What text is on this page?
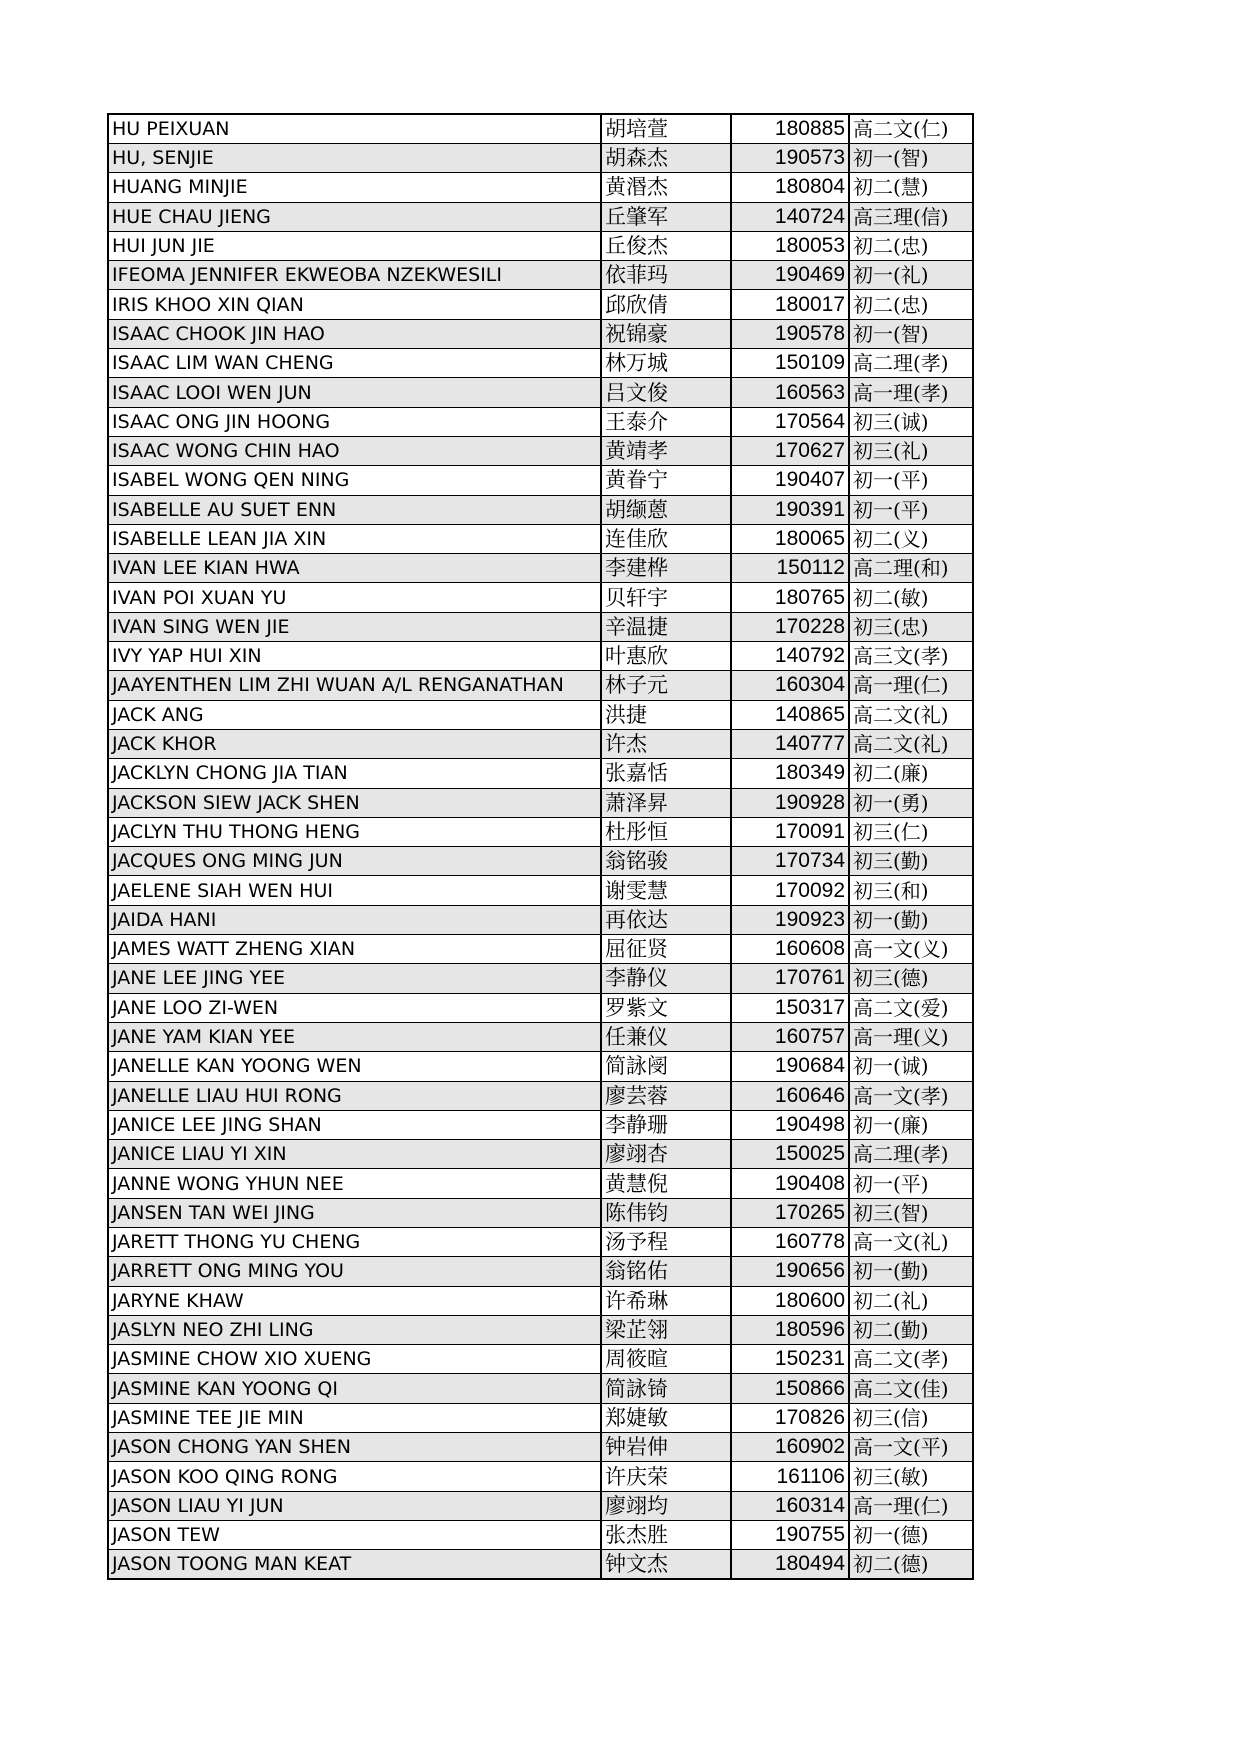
HU PEIXUAN	胡培萱	180885	高二文(仁)
HU, SENJIE	胡森杰	190573	初一(智)
HUANG MINJIE	黄湣杰	180804	初二(慧)
HUE CHAU JIENG	丘肇军	140724	高三理(信)
HUI JUN JIE	丘俊杰	180053	初二(忠)
IFEOMA JENNIFER EKWEOBA NZEKWESILI	依菲玛	190469	初一(礼)
IRIS KHOO XIN QIAN	邱欣倩	180017	初二(忠)
ISAAC CHOOK JIN HAO	祝锦豪	190578	初一(智)
ISAAC LIM WAN CHENG	林万城	150109	高二理(孝)
ISAAC LOOI WEN JUN	吕文俊	160563	高一理(孝)
ISAAC ONG JIN HOONG	王泰介	170564	初三(诚)
ISAAC WONG CHIN HAO	黄靖孝	170627	初三(礼)
ISABEL WONG QEN NING	黄眷宁	190407	初一(平)
ISABELLE AU SUET ENN	胡缬蒽	190391	初一(平)
ISABELLE LEAN JIA XIN	连佳欣	180065	初二(义)
IVAN LEE KIAN HWA	李建桦	150112	高二理(和)
IVAN POI XUAN YU	贝轩宇	180765	初二(敏)
IVAN SING WEN JIE	辛温捷	170228	初三(忠)
IVY YAP HUI XIN	叶惠欣	140792	高三文(孝)
JAAYENTHEN LIM ZHI WUAN A/L RENGANATHAN	林子元	160304	高一理(仁)
JACK ANG	洪捷	140865	高二文(礼)
JACK KHOR	许杰	140777	高二文(礼)
JACKLYN CHONG JIA TIAN	张嘉恬	180349	初二(廉)
JACKSON SIEW JACK SHEN	萧泽昇	190928	初一(勇)
JACLYN THU THONG HENG	杜彤恒	170091	初三(仁)
JACQUES ONG MING JUN	翁铭骏	170734	初三(勤)
JAELENE SIAH WEN HUI	谢雯慧	170092	初三(和)
JAIDA HANI	再依达	190923	初一(勤)
JAMES WATT ZHENG XIAN	屈征贤	160608	高一文(义)
JANE LEE JING YEE	李静仪	170761	初三(德)
JANE LOO ZI-WEN	罗紫文	150317	高二文(爱)
JANE YAM KIAN YEE	任兼仪	160757	高一理(义)
JANELLE KAN YOONG WEN	简詠阌	190684	初一(诚)
JANELLE LIAU HUI RONG	廖芸蓉	160646	高一文(孝)
JANICE LEE JING SHAN	李静珊	190498	初一(廉)
JANICE LIAU YI XIN	廖翊杏	150025	高二理(孝)
JANNE WONG YHUN NEE	黄慧倪	190408	初一(平)
JANSEN TAN WEI JING	陈伟钧	170265	初三(智)
JARETT THONG YU CHENG	汤予程	160778	高一文(礼)
JARRETT ONG MING YOU	翁铭佑	190656	初一(勤)
JARYNE KHAW	许希琳	180600	初二(礼)
JASLYN NEO ZHI LING	梁芷翎	180596	初二(勤)
JASMINE CHOW XIO XUENG	周筱暄	150231	高二文(孝)
JASMINE KAN YOONG QI	简詠锜	150866	高二文(佳)
JASMINE TEE JIE MIN	郑婕敏	170826	初三(信)
JASON CHONG YAN SHEN	钟岩伸	160902	高一文(平)
JASON KOO QING RONG	许庆荣	161106	初三(敏)
JASON LIAU YI JUN	廖翊均	160314	高一理(仁)
JASON TEW	张杰胜	190755	初一(德)
JASON TOONG MAN KEAT	钟文杰	180494	初二(德)
